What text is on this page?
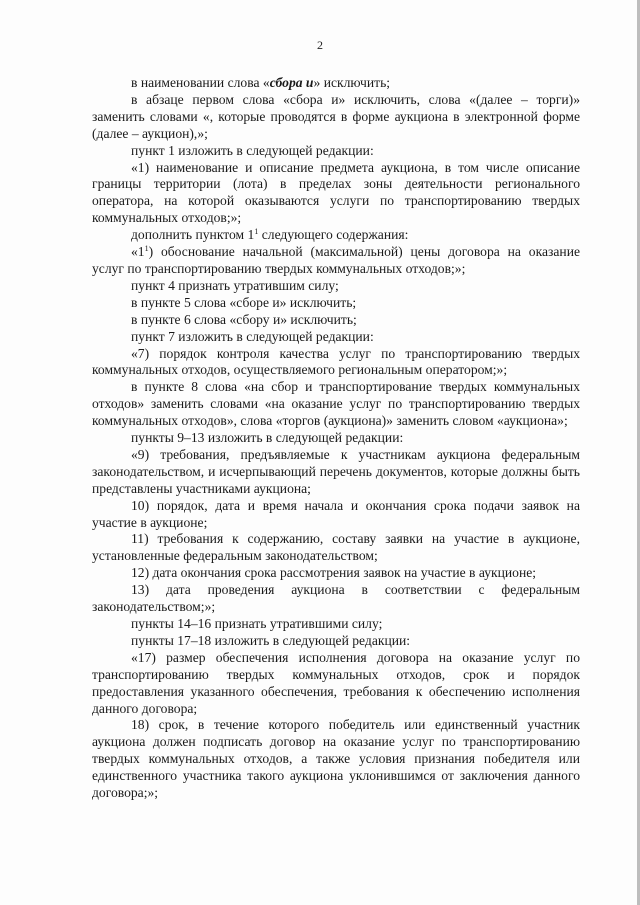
2

в наименовании слова «сбора и» исключить;

в абзаце первом слова «сбора и» исключить, слова «(далее – торги)» заменить словами «, которые проводятся в форме аукциона в электронной форме (далее – аукцион),»;

пункт 1 изложить в следующей редакции:

«1) наименование и описание предмета аукциона, в том числе описание границы территории (лота) в пределах зоны деятельности регионального оператора, на которой оказываются услуги по транспортированию твердых коммунальных отходов;»;

дополнить пунктом $1^1$ следующего содержания:

«$1^1$) обоснование начальной (максимальной) цены договора на оказание услуг по транспортированию твердых коммунальных отходов;»;

пункт 4 признать утратившим силу;

в пункте 5 слова «сборе и» исключить;

в пункте 6 слова «сбору и» исключить;

пункт 7 изложить в следующей редакции:

«7) порядок контроля качества услуг по транспортированию твердых коммунальных отходов, осуществляемого региональным оператором;»;

в пункте 8 слова «на сбор и транспортирование твердых коммунальных отходов» заменить словами «на оказание услуг по транспортированию твердых коммунальных отходов», слова «торгов (аукциона)» заменить словом «аукциона»;

пункты 9–13 изложить в следующей редакции:

«9) требования, предъявляемые к участникам аукциона федеральным законодательством, и исчерпывающий перечень документов, которые должны быть представлены участниками аукциона;

10) порядок, дата и время начала и окончания срока подачи заявок на участие в аукционе;

11) требования к содержанию, составу заявки на участие в аукционе, установленные федеральным законодательством;

12) дата окончания срока рассмотрения заявок на участие в аукционе;

13) дата проведения аукциона в соответствии с федеральным законодательством;»;

пункты 14–16 признать утратившими силу;

пункты 17–18 изложить в следующей редакции:

«17) размер обеспечения исполнения договора на оказание услуг по транспортированию твердых коммунальных отходов, срок и порядок предоставления указанного обеспечения, требования к обеспечению исполнения данного договора;

18) срок, в течение которого победитель или единственный участник аукциона должен подписать договор на оказание услуг по транспортированию твердых коммунальных отходов, а также условия признания победителя или единственного участника такого аукциона уклонившимся от заключения данного договора;»;
